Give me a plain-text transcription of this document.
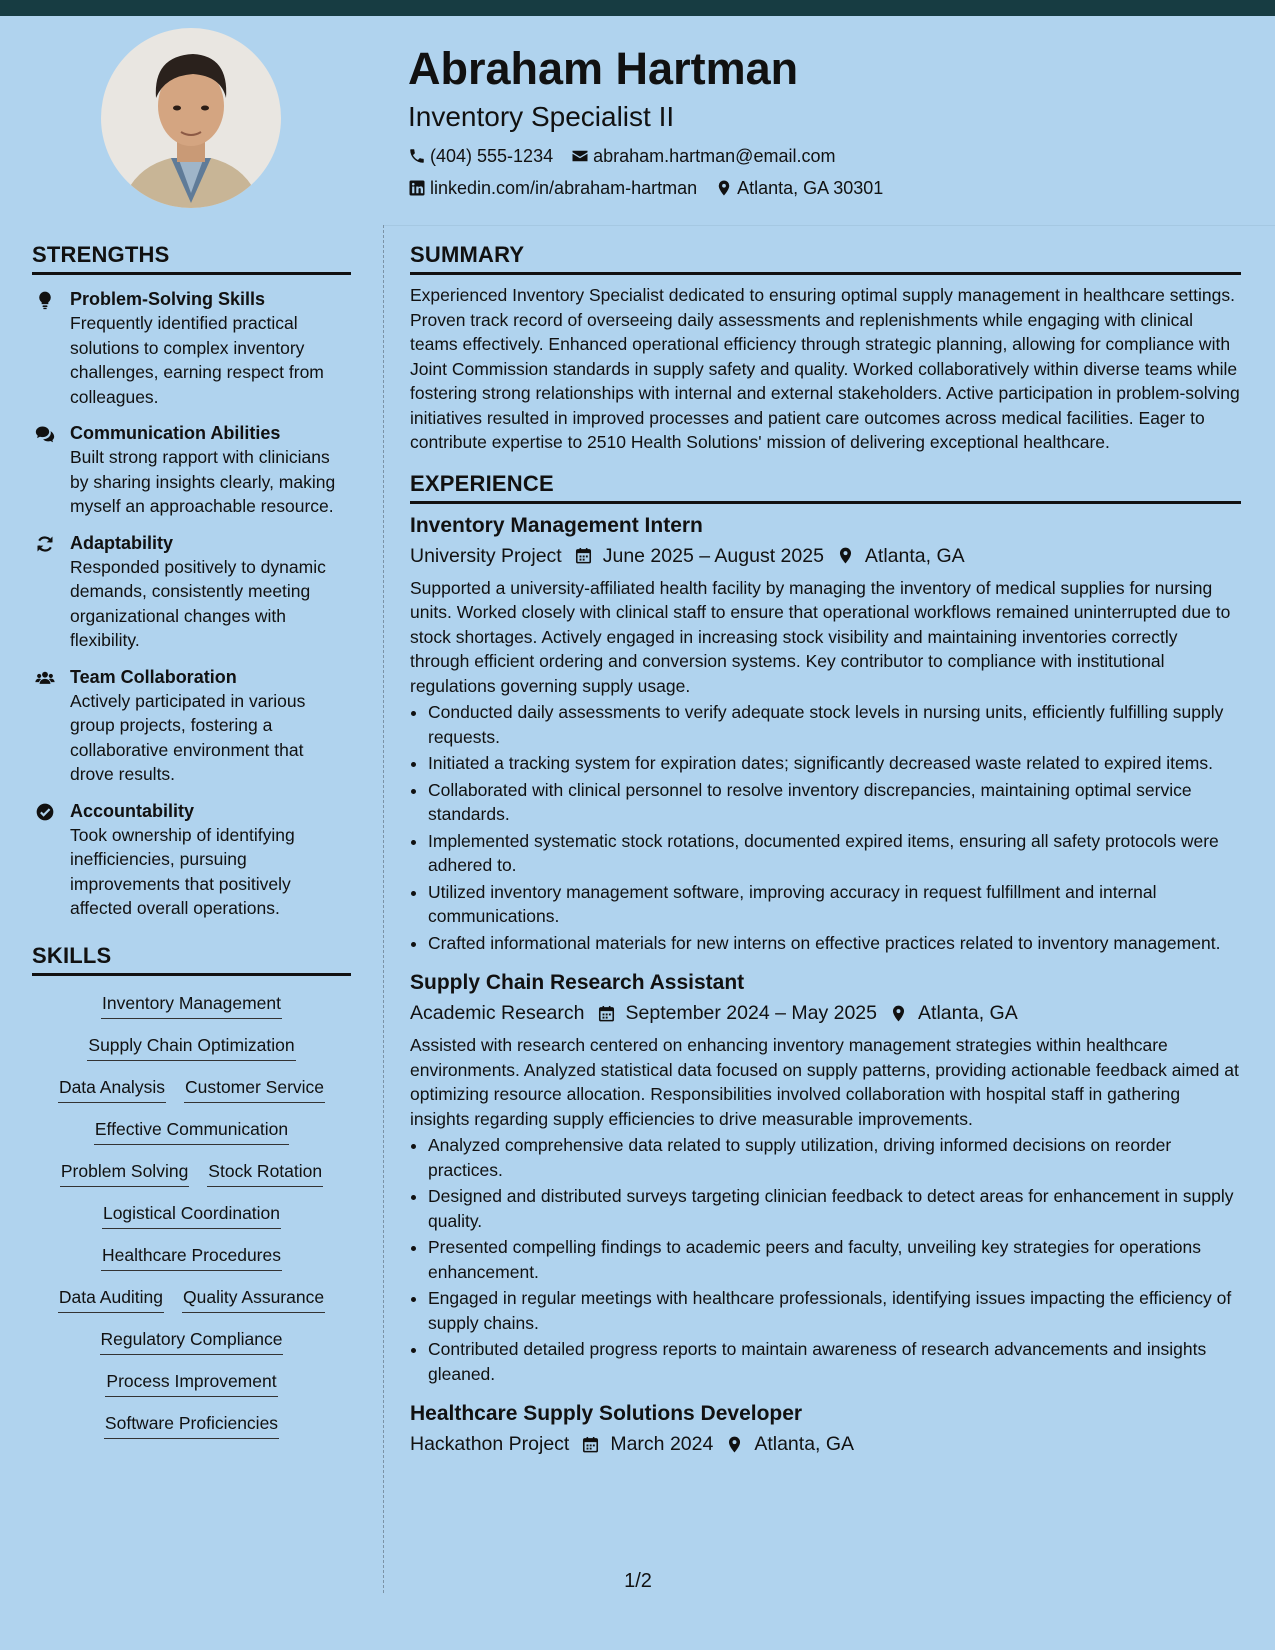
Abraham Hartman
Inventory Specialist II
(404) 555-1234 abraham.hartman@email.com
linkedin.com/in/abraham-hartman Atlanta, GA 30301
STRENGTHS
Problem-Solving Skills
Frequently identified practical solutions to complex inventory challenges, earning respect from colleagues.
Communication Abilities
Built strong rapport with clinicians by sharing insights clearly, making myself an approachable resource.
Adaptability
Responded positively to dynamic demands, consistently meeting organizational changes with flexibility.
Team Collaboration
Actively participated in various group projects, fostering a collaborative environment that drove results.
Accountability
Took ownership of identifying inefficiencies, pursuing improvements that positively affected overall operations.
SKILLS
Inventory Management
Supply Chain Optimization
Data Analysis Customer Service
Effective Communication
Problem Solving Stock Rotation
Logistical Coordination
Healthcare Procedures
Data Auditing Quality Assurance
Regulatory Compliance
Process Improvement
Software Proficiencies
SUMMARY

Experienced Inventory Specialist dedicated to ensuring optimal supply management in healthcare settings. Proven track record of overseeing daily assessments and replenishments while engaging with clinical teams effectively. Enhanced operational efficiency through strategic planning, allowing for compliance with Joint Commission standards in supply safety and quality. Worked collaboratively within diverse teams while fostering strong relationships with internal and external stakeholders. Active participation in problem-solving initiatives resulted in improved processes and patient care outcomes across medical facilities. Eager to contribute expertise to 2510 Health Solutions' mission of delivering exceptional healthcare.

EXPERIENCE
Inventory Management Intern
University Project June 2025 – August 2025 Atlanta, GA

Supported a university-affiliated health facility by managing the inventory of medical supplies for nursing units. Worked closely with clinical staff to ensure that operational workflows remained uninterrupted due to stock shortages. Actively engaged in increasing stock visibility and maintaining inventories correctly through efficient ordering and conversion systems. Key contributor to compliance with institutional regulations governing supply usage.

• Conducted daily assessments to verify adequate stock levels in nursing units, efficiently fulfilling supply requests.
• Initiated a tracking system for expiration dates; significantly decreased waste related to expired items.
• Collaborated with clinical personnel to resolve inventory discrepancies, maintaining optimal service standards.
• Implemented systematic stock rotations, documented expired items, ensuring all safety protocols were adhered to.
• Utilized inventory management software, improving accuracy in request fulfillment and internal communications.
• Crafted informational materials for new interns on effective practices related to inventory management.
Supply Chain Research Assistant
Academic Research September 2024 – May 2025 Atlanta, GA

Assisted with research centered on enhancing inventory management strategies within healthcare environments. Analyzed statistical data focused on supply patterns, providing actionable feedback aimed at optimizing resource allocation. Responsibilities involved collaboration with hospital staff in gathering insights regarding supply efficiencies to drive measurable improvements.

• Analyzed comprehensive data related to supply utilization, driving informed decisions on reorder practices.
• Designed and distributed surveys targeting clinician feedback to detect areas for enhancement in supply quality.
• Presented compelling findings to academic peers and faculty, unveiling key strategies for operations enhancement.
• Engaged in regular meetings with healthcare professionals, identifying issues impacting the efficiency of supply chains.
• Contributed detailed progress reports to maintain awareness of research advancements and insights gleaned.
Healthcare Supply Solutions Developer
Hackathon Project March 2024 Atlanta, GA
1/2
